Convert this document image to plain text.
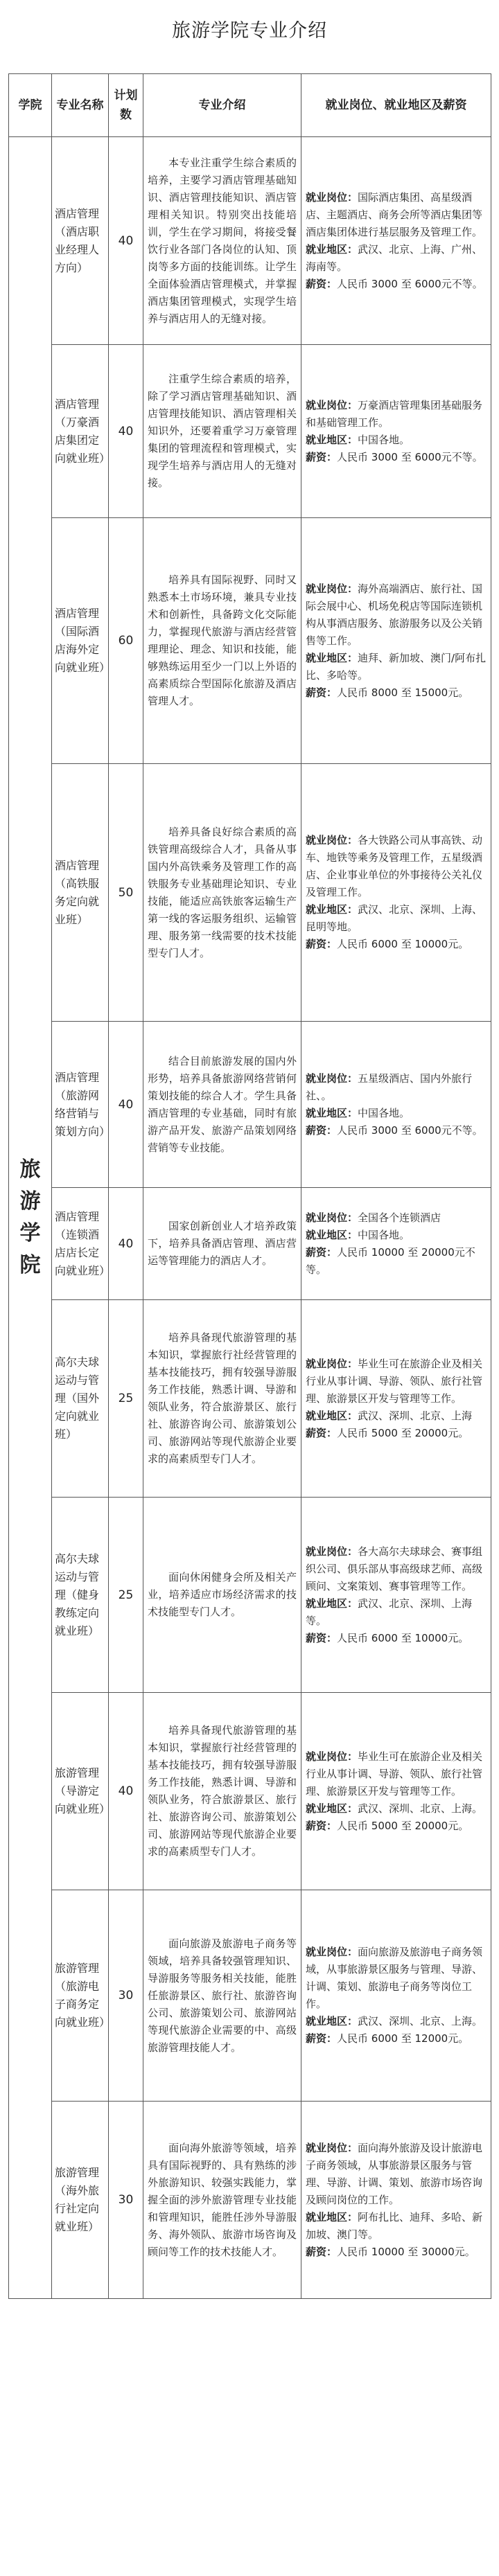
旅游学院专业介绍
学院	专业名称	计划数	专业介绍	就业岗位、就业地区及薪资
旅游学院	酒店管理（酒店职业经理人方向）	40	本专业注重学生综合素质的培养，主要学习酒店管理基础知识、酒店管理技能知识、酒店管理相关知识。特别突出技能培训，学生在学习期间，将接受餐饮行业各部门各岗位的认知、顶岗等多方面的技能训练。让学生全面体验酒店管理模式，并掌握酒店集团管理模式，实现学生培养与酒店用人的无缝对接。	就业岗位：国际酒店集团、高星级酒店、主题酒店、商务会所等酒店集团等酒店集团体进行基层服务及管理工作。

就业地区：武汉、北京、上海、广州、海南等。

薪资：人民币 3000 至 6000元不等。

	酒店管理（万豪酒店集团定向就业班）	40	注重学生综合素质的培养，除了学习酒店管理基础知识、酒店管理技能知识、酒店管理相关知识外，还要着重学习万豪管理集团的管理流程和管理模式，实现学生培养与酒店用人的无缝对接。	就业岗位：万豪酒店管理集团基础服务和基础管理工作。

就业地区：中国各地。

薪资：人民币 3000 至 6000元不等。

	酒店管理（国际酒店海外定向就业班）	60	培养具有国际视野、同时又熟悉本土市场环境，兼具专业技术和创新性，具备跨文化交际能力，掌握现代旅游与酒店经营管理理论、理念、知识和技能，能够熟练运用至少一门以上外语的高素质综合型国际化旅游及酒店管理人才。	就业岗位：海外高端酒店、旅行社、国际会展中心、机场免税店等国际连锁机构从事酒店服务、旅游服务以及公关销售等工作。

就业地区：迪拜、新加坡、澳门/阿布扎比、多哈等。

薪资：人民币 8000 至 15000元。

	酒店管理（高铁服务定向就业班）	50	培养具备良好综合素质的高铁管理高级综合人才，具备从事国内外高铁乘务及管理工作的高铁服务专业基础理论知识、专业技能，能适应高铁旅客运输生产第一线的客运服务组织、运输管理、服务第一线需要的技术技能型专门人才。	就业岗位：各大铁路公司从事高铁、动车、地铁等乘务及管理工作，五星级酒店、企业事业单位的外事接待公关礼仪及管理工作。

就业地区：武汉、北京、深圳、上海、昆明等地。

薪资：人民币 6000 至 10000元。

	酒店管理（旅游网络营销与策划方向）	40	结合目前旅游发展的国内外形势，培养具备旅游网络营销何策划技能的综合人才。学生具备酒店管理的专业基础，同时有旅游产品开发、旅游产品策划网络营销等专业技能。	就业岗位：五星级酒店、国内外旅行社、。

就业地区：中国各地。

薪资：人民币 3000 至 6000元不等。

	酒店管理（连锁酒店店长定向就业班）	40	国家创新创业人才培养政策下，培养具备酒店管理、酒店营运等管理能力的酒店人才。	就业岗位：全国各个连锁酒店

就业地区：中国各地。

薪资：人民币 10000 至 20000元不等。

	高尔夫球运动与管理（国外定向就业班）	25	培养具备现代旅游管理的基本知识，掌握旅行社经营管理的基本技能技巧，拥有较强导游服务工作技能，熟悉计调、导游和领队业务，符合旅游景区、旅行社、旅游咨询公司、旅游策划公司、旅游网站等现代旅游企业要求的高素质型专门人才。	就业岗位：毕业生可在旅游企业及相关行业从事计调、导游、领队、旅行社管理、旅游景区开发与管理等工作。

就业地区：武汉、深圳、北京、上海

薪资：人民币 5000 至 20000元。

	高尔夫球运动与管理（健身教练定向就业班）	25	面向休闲健身会所及相关产业，培养适应市场经济需求的技术技能型专门人才。	就业岗位：各大高尔夫球球会、赛事组织公司、俱乐部从事高级球艺师、高级顾问、文案策划、赛事管理等工作。

就业地区：武汉、北京、深圳、上海等。

薪资：人民币 6000 至 10000元。

	旅游管理（导游定向就业班）	40	培养具备现代旅游管理的基本知识，掌握旅行社经营管理的基本技能技巧，拥有较强导游服务工作技能，熟悉计调、导游和领队业务，符合旅游景区、旅行社、旅游咨询公司、旅游策划公司、旅游网站等现代旅游企业要求的高素质型专门人才。	就业岗位：毕业生可在旅游企业及相关行业从事计调、导游、领队、旅行社管理、旅游景区开发与管理等工作。

就业地区：武汉、深圳、北京、上海。

薪资：人民币 5000 至 20000元。

	旅游管理（旅游电子商务定向就业班）	30	面向旅游及旅游电子商务等领域，培养具备较强管理知识、导游服务等服务相关技能，能胜任旅游景区、旅行社、旅游咨询公司、旅游策划公司、旅游网站等现代旅游企业需要的中、高级旅游管理技能人才。	就业岗位：面向旅游及旅游电子商务领域，从事旅游景区服务与管理、导游、计调、策划、旅游电子商务等岗位工作。

就业地区：武汉、深圳、北京、上海。

薪资：人民币 6000 至 12000元。

	旅游管理（海外旅行社定向就业班）	30	面向海外旅游等领域，培养具有国际视野的、具有熟练的涉外旅游知识、较强实践能力，掌握全面的涉外旅游管理专业技能和管理知识，能胜任涉外导游服务、海外领队、旅游市场咨询及顾问等工作的技术技能人才。	就业岗位：面向海外旅游及设计旅游电子商务领域，从事旅游景区服务与管理、导游、计调、策划、旅游市场咨询及顾问岗位的工作。

就业地区：阿布扎比、迪拜、多哈、新加坡、澳门等。

薪资：人民币 10000 至 30000元。
